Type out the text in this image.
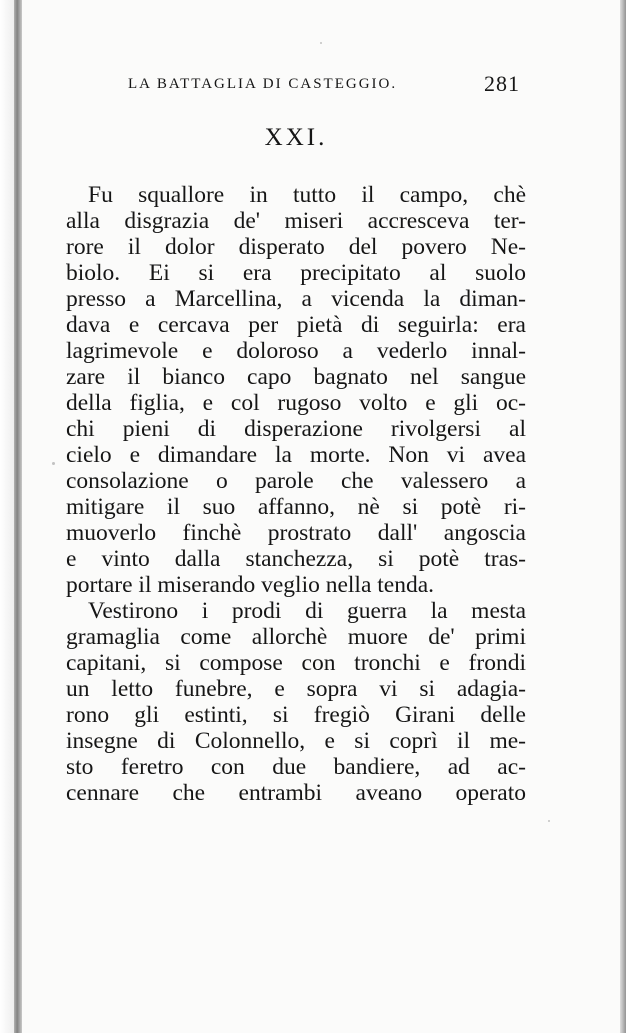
LA BATTAGLIA DI CASTEGGIO.	281
XXI.
Fu squallore in tutto il campo, chè
alla disgrazia de' miseri accresceva ter-
rore il dolor disperato del povero Ne-
biolo. Ei si era precipitato al suolo
presso a Marcellina, a vicenda la diman-
dava e cercava per pietà di seguirla: era
lagrimevole e doloroso a vederlo innal-
zare il bianco capo bagnato nel sangue
della figlia, e col rugoso volto e gli oc-
chi pieni di disperazione rivolgersi al
cielo e dimandare la morte. Non vi avea
consolazione o parole che valessero a
mitigare il suo affanno, nè si potè ri-
muoverlo finchè prostrato dall' angoscia
e vinto dalla stanchezza, si potè tras-
portare il miserando veglio nella tenda.
Vestirono i prodi di guerra la mesta
gramaglia come allorchè muore de' primi
capitani, si compose con tronchi e frondi
un letto funebre, e sopra vi si adagia-
rono gli estinti, si fregiò Girani delle
insegne di Colonnello, e si coprì il me-
sto feretro con due bandiere, ad ac-
cennare che entrambi aveano operato
